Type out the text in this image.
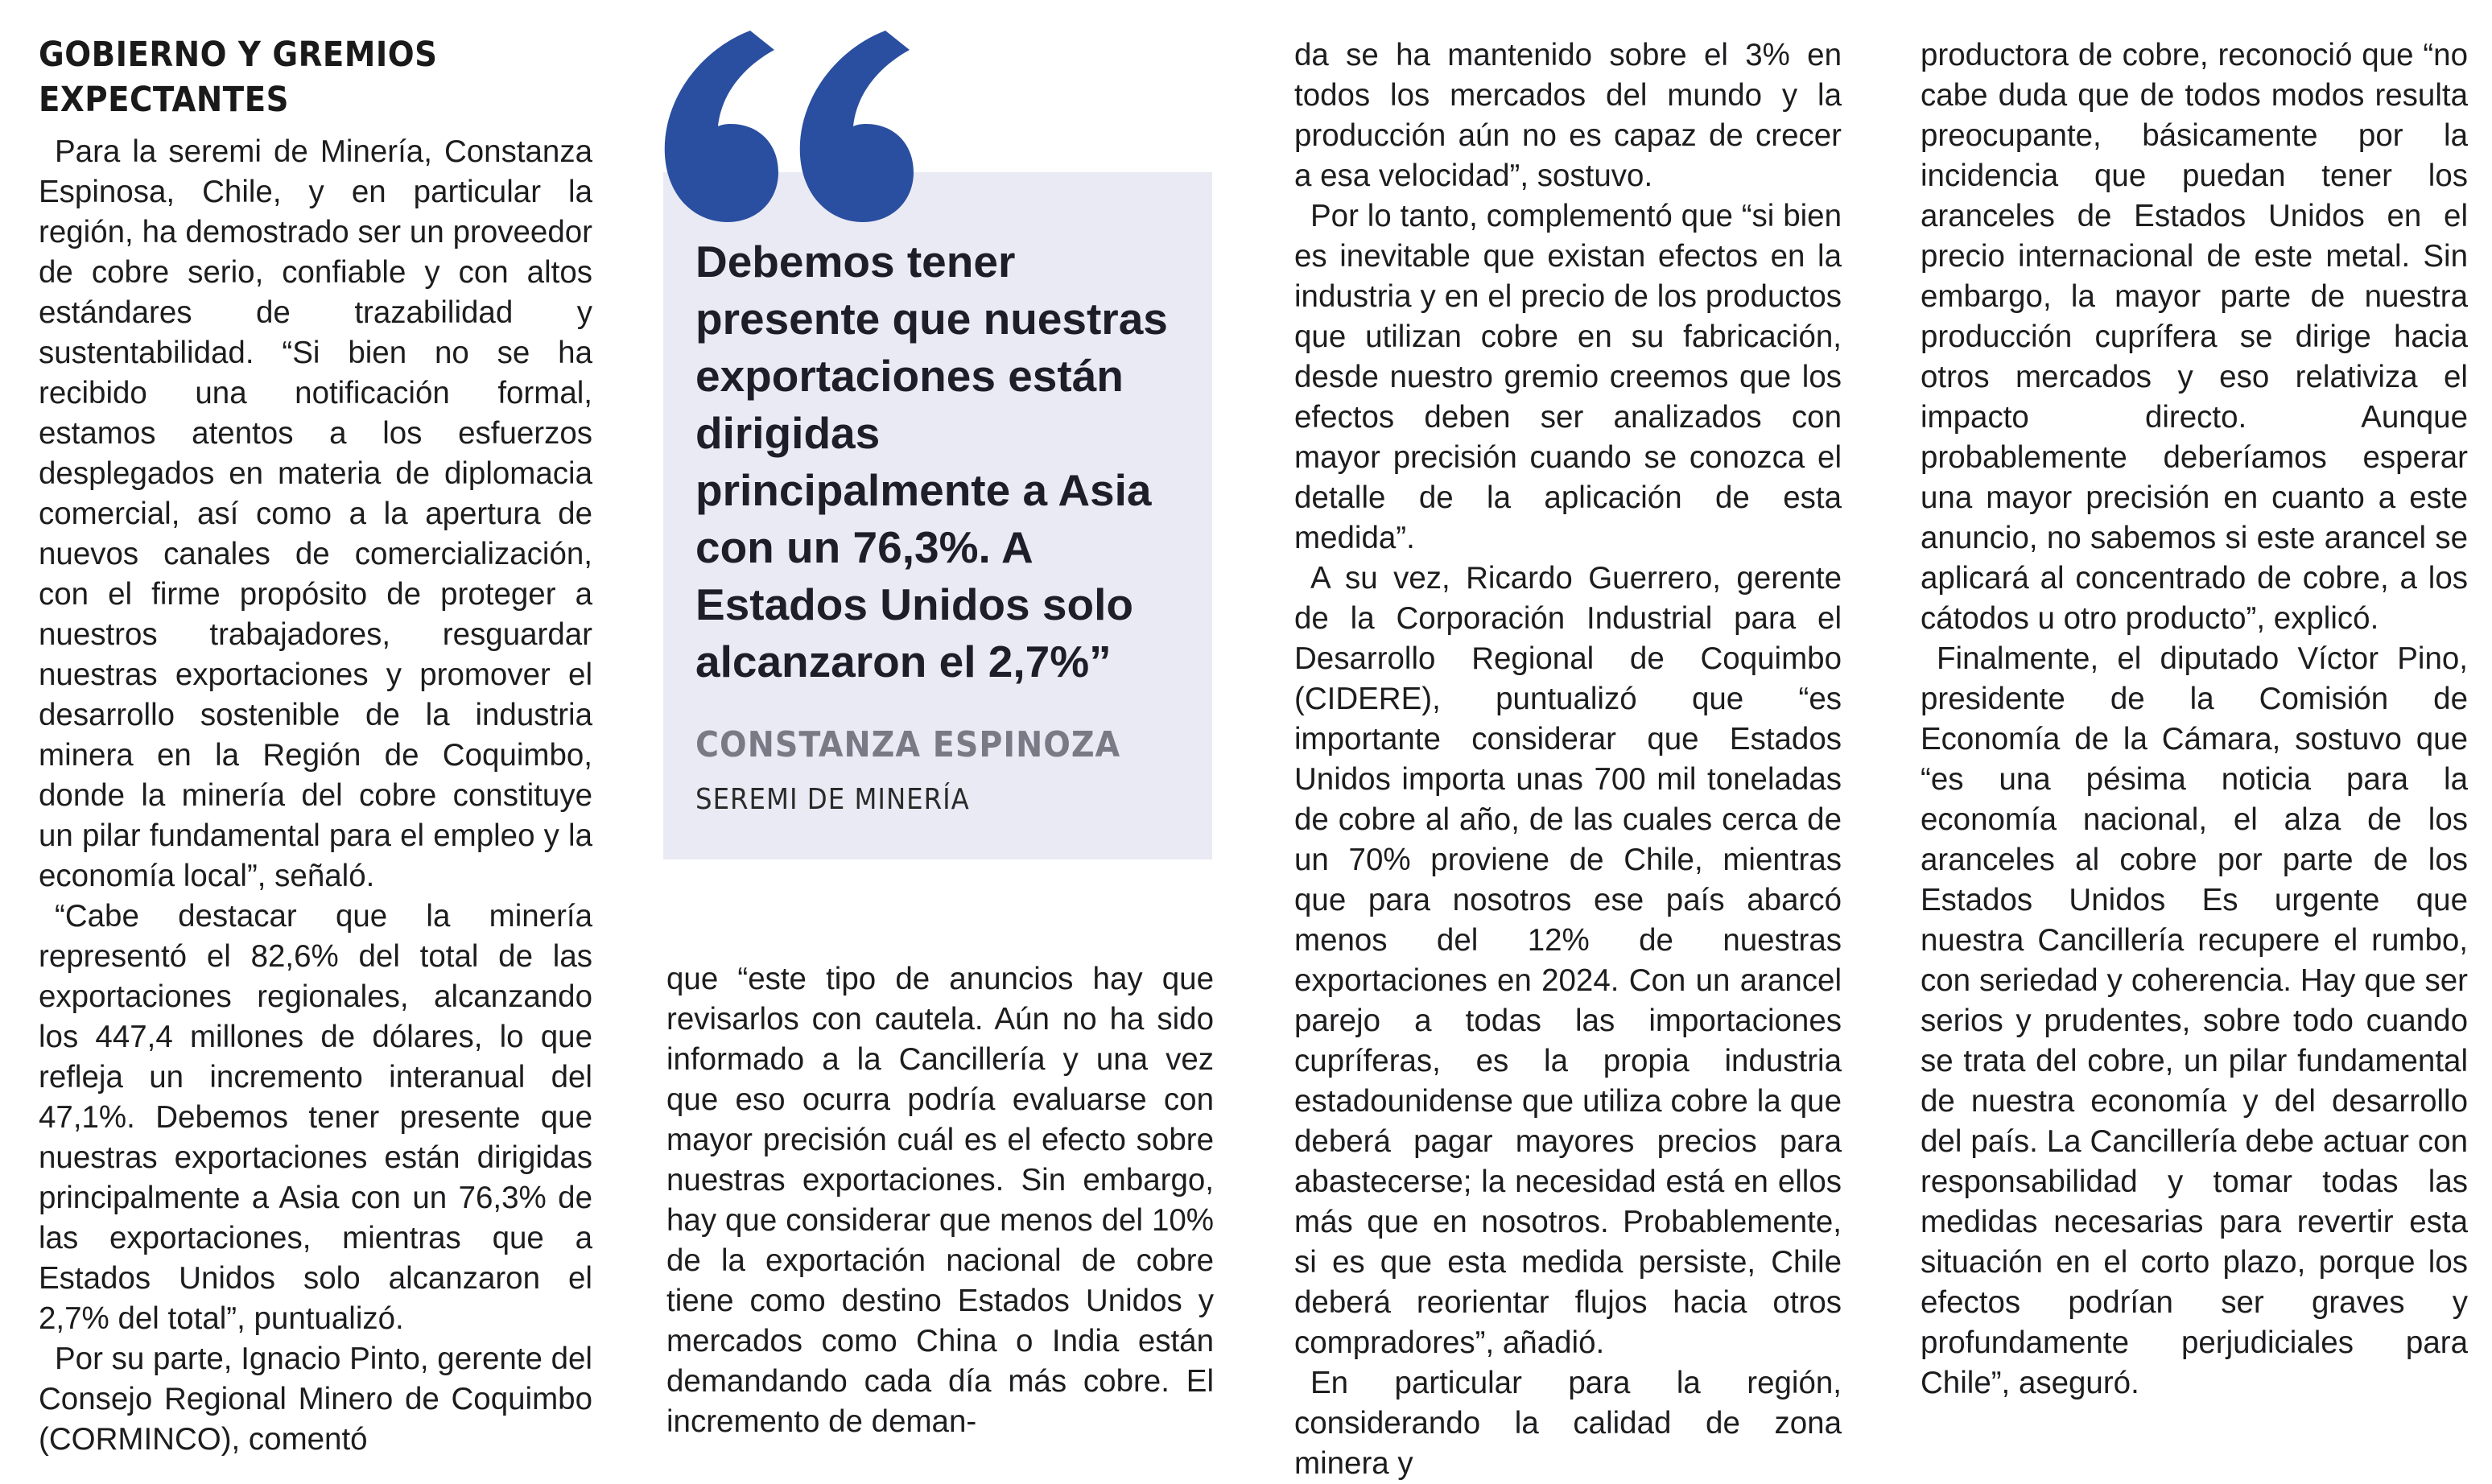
GOBIERNO Y GREMIOS
EXPECTANTES

Para la seremi de Minería, Constanza Espinosa, Chile, y en particular la región, ha demostrado ser un proveedor de cobre serio, confiable y con altos estándares de trazabilidad y sustentabilidad. “Si bien no se ha recibido una notificación formal, estamos atentos a los esfuerzos desplegados en materia de diplomacia comercial, así como a la apertura de nuevos canales de comercialización, con el firme propósito de proteger a nuestros trabajadores, resguardar nuestras exportaciones y promover el desarrollo sostenible de la industria minera en la Región de Coquimbo, donde la minería del cobre constituye un pilar fundamental para el empleo y la economía local”, señaló.

“Cabe destacar que la minería representó el 82,6% del total de las exportaciones regionales, alcanzando los 447,4 millones de dólares, lo que refleja un incremento interanual del 47,1%. Debemos tener presente que nuestras exportaciones están dirigidas principalmente a Asia con un 76,3% de las exportaciones, mientras que a Estados Unidos solo alcanzaron el 2,7% del total”, puntualizó.

Por su parte, Ignacio Pinto, gerente del Consejo Regional Minero de Coquimbo (CORMINCO), comentó

Debemos tener presente que nuestras exportaciones están dirigidas principalmente a Asia con un 76,3%. A Estados Unidos solo alcanzaron el 2,7%”

CONSTANZA ESPINOZA

SEREMI DE MINERÍA

que “este tipo de anuncios hay que revisarlos con cautela. Aún no ha sido informado a la Cancillería y una vez que eso ocurra podría evaluarse con mayor precisión cuál es el efecto sobre nuestras exportaciones. Sin embargo, hay que considerar que menos del 10% de la exportación nacional de cobre tiene como destino Estados Unidos y mercados como China o India están demandando cada día más cobre. El incremento de deman-

da se ha mantenido sobre el 3% en todos los mercados del mundo y la producción aún no es capaz de crecer a esa velocidad”, sostuvo.

Por lo tanto, complementó que “si bien es inevitable que existan efectos en la industria y en el precio de los productos que utilizan cobre en su fabricación, desde nuestro gremio creemos que los efectos deben ser analizados con mayor precisión cuando se conozca el detalle de la aplicación de esta medida”.

A su vez, Ricardo Guerrero, gerente de la Corporación Industrial para el Desarrollo Regional de Coquimbo (CIDERE), puntualizó que “es importante considerar que Estados Unidos importa unas 700 mil toneladas de cobre al año, de las cuales cerca de un 70% proviene de Chile, mientras que para nosotros ese país abarcó menos del 12% de nuestras exportaciones en 2024. Con un arancel parejo a todas las importaciones cupríferas, es la propia industria estadounidense que utiliza cobre la que deberá pagar mayores precios para abastecerse; la necesidad está en ellos más que en nosotros. Probablemente, si es que esta medida persiste, Chile deberá reorientar flujos hacia otros compradores”, añadió.

En particular para la región, considerando la calidad de zona minera y

productora de cobre, reconoció que “no cabe duda que de todos modos resulta preocupante, básicamente por la incidencia que puedan tener los aranceles de Estados Unidos en el precio internacional de este metal. Sin embargo, la mayor parte de nuestra producción cuprífera se dirige hacia otros mercados y eso relativiza el impacto directo. Aunque probablemente deberíamos esperar una mayor precisión en cuanto a este anuncio, no sabemos si este arancel se aplicará al concentrado de cobre, a los cátodos u otro producto”, explicó.

Finalmente, el diputado Víctor Pino, presidente de la Comisión de Economía de la Cámara, sostuvo que “es una pésima noticia para la economía nacional, el alza de los aranceles al cobre por parte de los Estados Unidos Es urgente que nuestra Cancillería recupere el rumbo, con seriedad y coherencia. Hay que ser serios y prudentes, sobre todo cuando se trata del cobre, un pilar fundamental de nuestra economía y del desarrollo del país. La Cancillería debe actuar con responsabilidad y tomar todas las medidas necesarias para revertir esta situación en el corto plazo, porque los efectos podrían ser graves y profundamente perjudiciales para Chile”, aseguró.
